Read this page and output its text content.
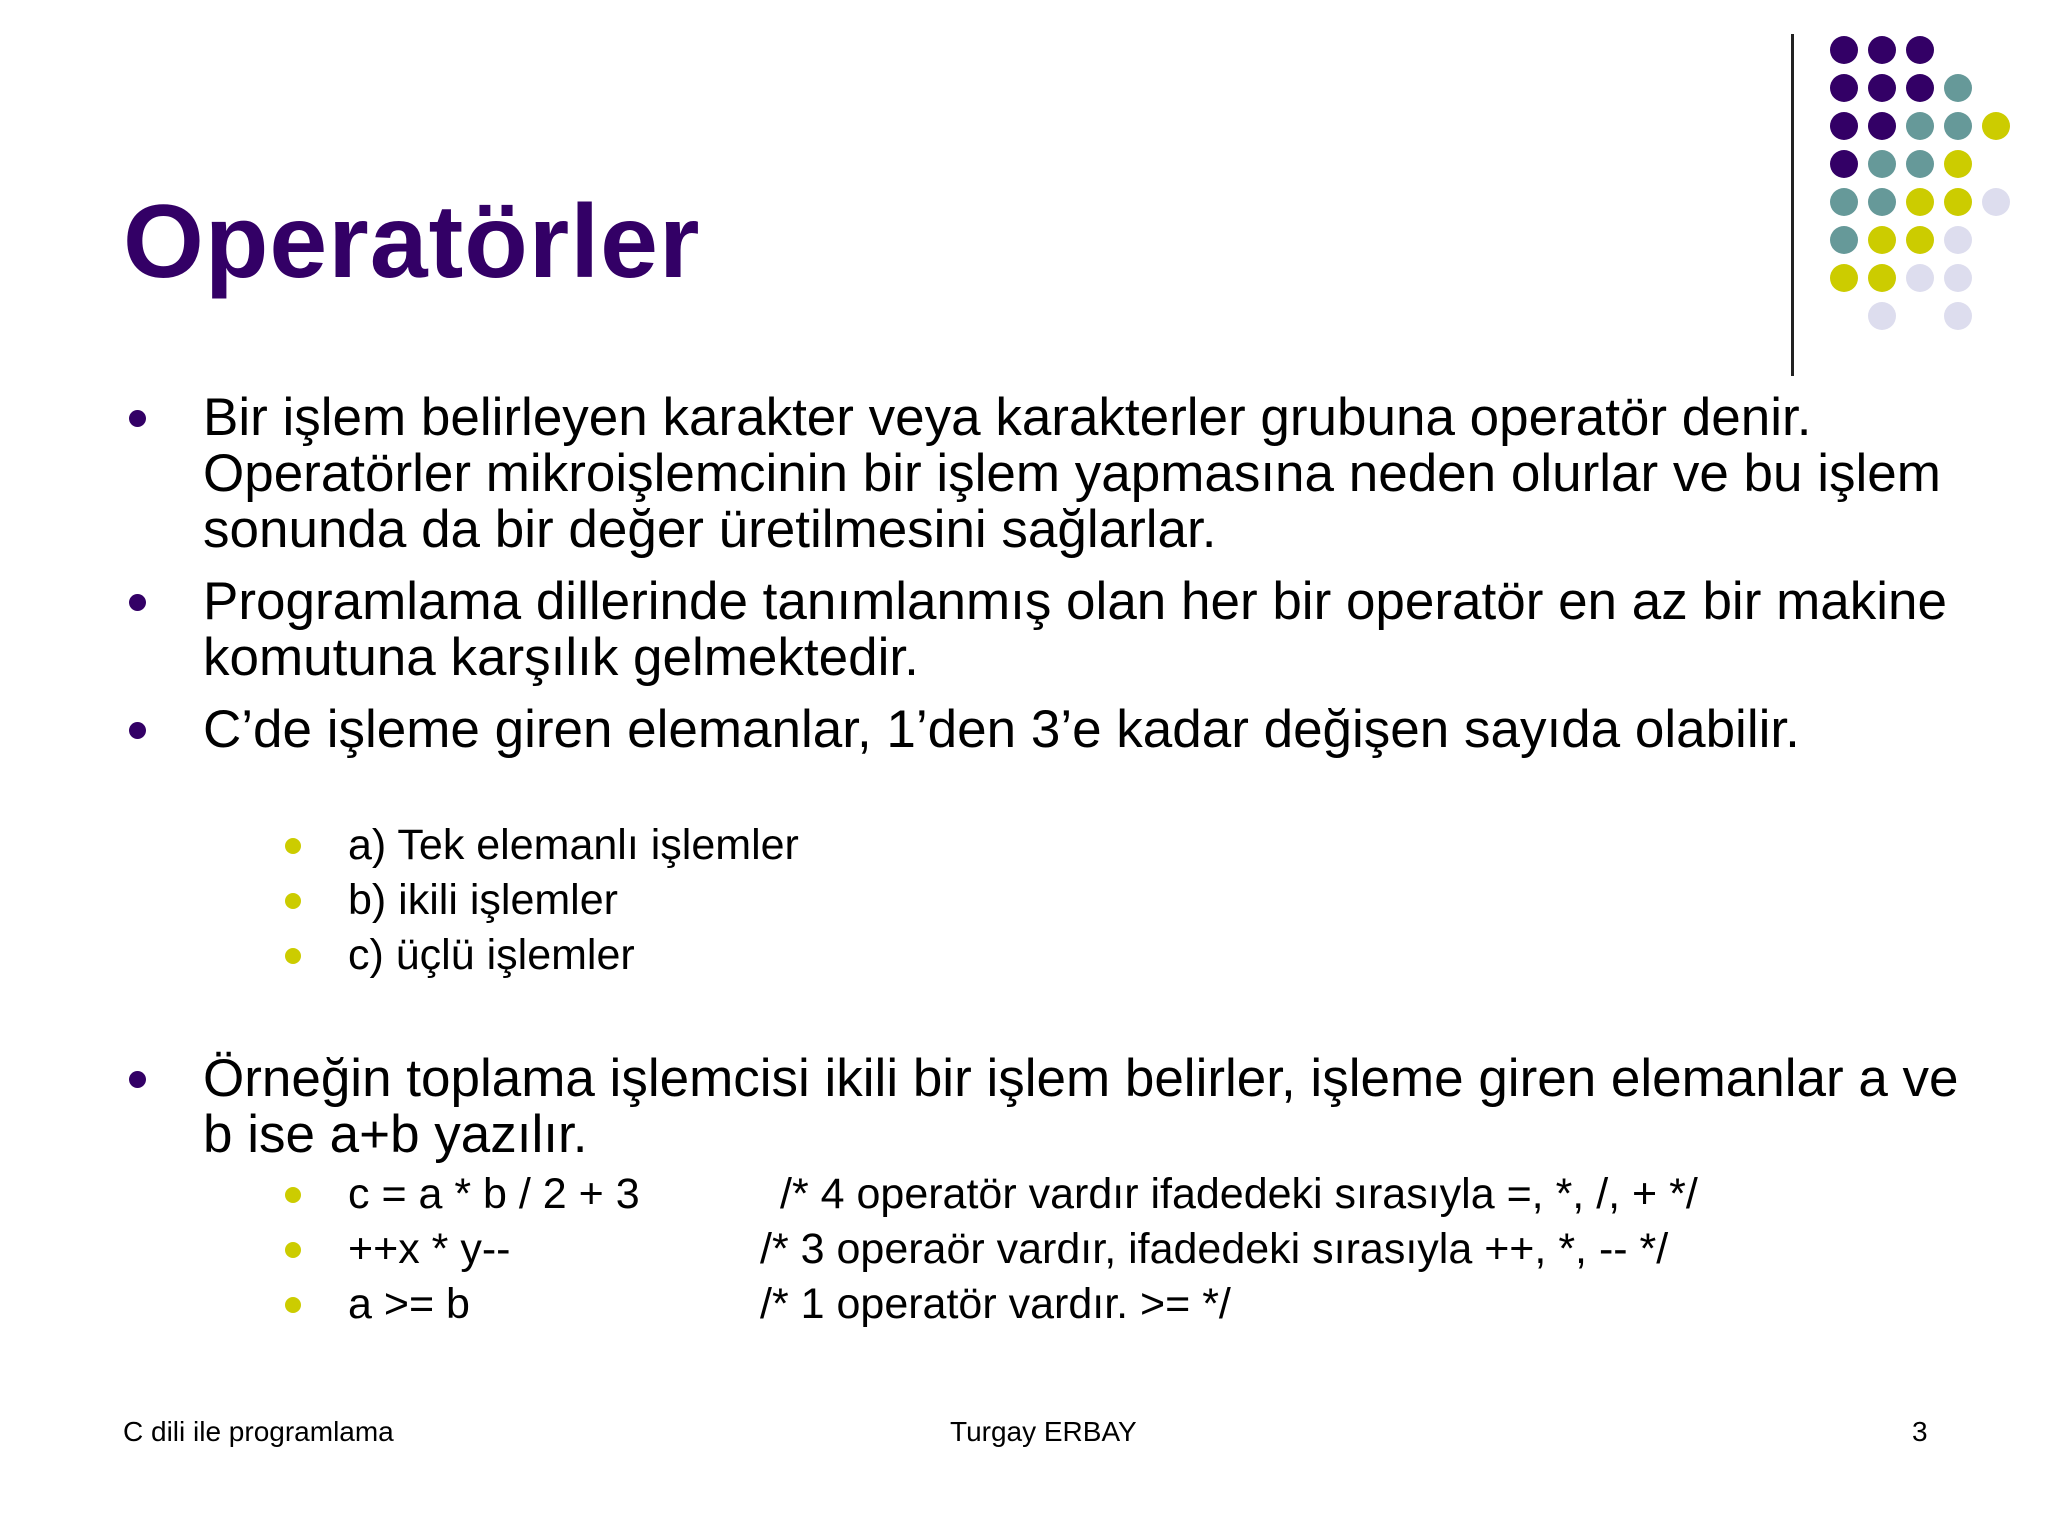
Operatörler
Bir işlem belirleyen karakter veya karakterler grubuna operatör denir. Operatörler mikroişlemcinin bir işlem yapmasına neden olurlar ve bu işlem sonunda da bir değer üretilmesini sağlarlar.
Programlama dillerinde tanımlanmış olan her bir operatör en az bir makine komutuna karşılık gelmektedir.
C’de işleme giren elemanlar, 1’den 3’e kadar değişen sayıda olabilir.
a) Tek elemanlı işlemler
b) ikili işlemler
c) üçlü işlemler
Örneğin toplama işlemcisi ikili bir işlem belirler, işleme giren elemanlar a ve b ise a+b yazılır.
c = a * b / 2 + 3	/* 4 operatör vardır ifadedeki sırasıyla =, *, /, + */
++x * y--	/* 3 operaör vardır, ifadedeki sırasıyla ++, *, -- */
a >= b	/* 1 operatör vardır. >= */
C dili ile programlama	Turgay ERBAY	3
